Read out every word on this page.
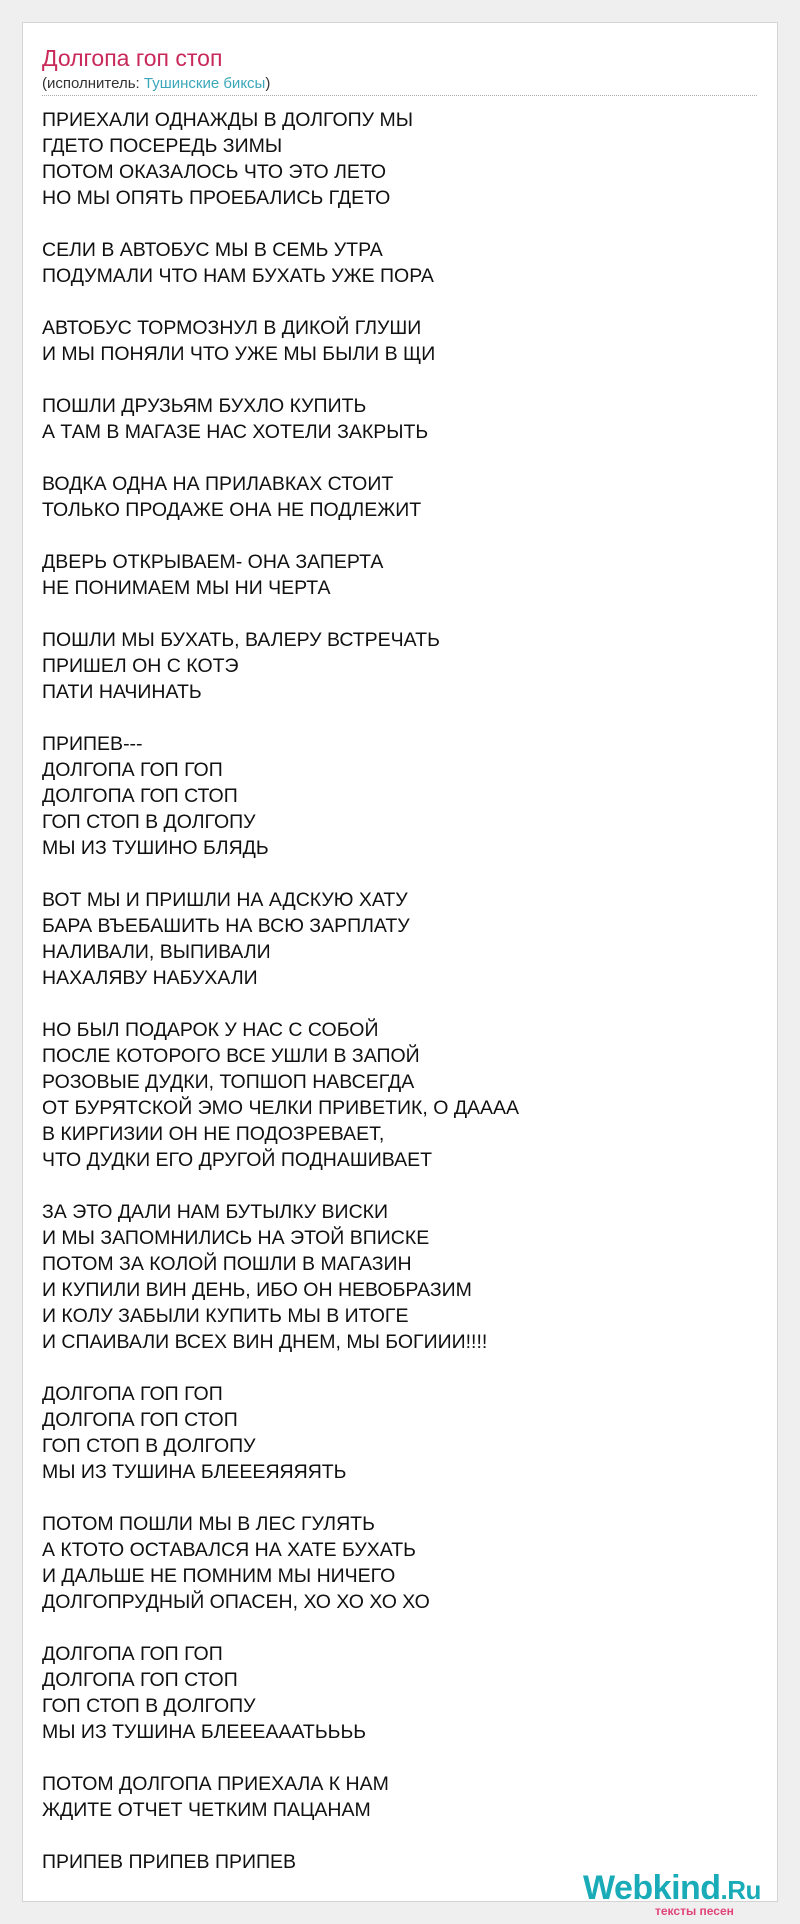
Долгопа гоп стоп
(исполнитель: Тушинские биксы)
ПРИЕХАЛИ ОДНАЖДЫ В ДОЛГОПУ МЫ
ГДЕТО ПОСЕРЕДЬ ЗИМЫ
ПОТОМ ОКАЗАЛОСЬ ЧТО ЭТО ЛЕТО
НО МЫ ОПЯТЬ ПРОЕБАЛИСЬ ГДЕТО
СЕЛИ В АВТОБУС МЫ В СЕМЬ УТРА
ПОДУМАЛИ ЧТО НАМ БУХАТЬ УЖЕ ПОРА
АВТОБУС ТОРМОЗНУЛ В ДИКОЙ ГЛУШИ
И МЫ ПОНЯЛИ ЧТО УЖЕ МЫ БЫЛИ В ЩИ
ПОШЛИ ДРУЗЬЯМ БУХЛО КУПИТЬ
А ТАМ В МАГАЗЕ НАС ХОТЕЛИ ЗАКРЫТЬ
ВОДКА ОДНА НА ПРИЛАВКАХ СТОИТ
ТОЛЬКО ПРОДАЖЕ ОНА НЕ ПОДЛЕЖИТ
ДВЕРЬ ОТКРЫВАЕМ- ОНА ЗАПЕРТА
НЕ ПОНИМАЕМ МЫ НИ ЧЕРТА
ПОШЛИ МЫ БУХАТЬ, ВАЛЕРУ ВСТРЕЧАТЬ
ПРИШЕЛ ОН С КОТЭ
ПАТИ НАЧИНАТЬ
ПРИПЕВ---
ДОЛГОПА ГОП ГОП
ДОЛГОПА ГОП СТОП
ГОП СТОП В ДОЛГОПУ
МЫ ИЗ ТУШИНО БЛЯДЬ
ВОТ МЫ И ПРИШЛИ НА АДСКУЮ ХАТУ
БАРА ВЪЕБАШИТЬ НА ВСЮ ЗАРПЛАТУ
НАЛИВАЛИ, ВЫПИВАЛИ
НАХАЛЯВУ НАБУХАЛИ
НО БЫЛ ПОДАРОК У НАС С СОБОЙ
ПОСЛЕ КОТОРОГО ВСЕ УШЛИ В ЗАПОЙ
РОЗОВЫЕ ДУДКИ, ТОПШОП НАВСЕГДА
ОТ БУРЯТСКОЙ ЭМО ЧЕЛКИ ПРИВЕТИК, О ДАААА
В КИРГИЗИИ ОН НЕ ПОДОЗРЕВАЕТ,
ЧТО ДУДКИ ЕГО ДРУГОЙ ПОДНАШИВАЕТ
ЗА ЭТО ДАЛИ НАМ БУТЫЛКУ ВИСКИ
И МЫ ЗАПОМНИЛИСЬ НА ЭТОЙ ВПИСКЕ
ПОТОМ ЗА КОЛОЙ ПОШЛИ В МАГАЗИН
И КУПИЛИ ВИН ДЕНЬ, ИБО ОН НЕВОБРАЗИМ
И КОЛУ ЗАБЫЛИ КУПИТЬ МЫ В ИТОГЕ
И СПАИВАЛИ ВСЕХ ВИН ДНЕМ, МЫ БОГИИИ!!!!
ДОЛГОПА ГОП ГОП
ДОЛГОПА ГОП СТОП
ГОП СТОП В ДОЛГОПУ
МЫ ИЗ ТУШИНА БЛЕЕЕЯЯЯЯТЬ
ПОТОМ ПОШЛИ МЫ В ЛЕС ГУЛЯТЬ
А КТОТО ОСТАВАЛСЯ НА ХАТЕ БУХАТЬ
И ДАЛЬШЕ НЕ ПОМНИМ МЫ НИЧЕГО
ДОЛГОПРУДНЫЙ ОПАСЕН, ХО ХО ХО ХО
ДОЛГОПА ГОП ГОП
ДОЛГОПА ГОП СТОП
ГОП СТОП В ДОЛГОПУ
МЫ ИЗ ТУШИНА БЛЕЕЕАААТЬЬЬЬ
ПОТОМ ДОЛГОПА ПРИЕХАЛА К НАМ
ЖДИТЕ ОТЧЕТ ЧЕТКИМ ПАЦАНАМ
ПРИПЕВ ПРИПЕВ ПРИПЕВ
Webkind.Ru
тексты песен
